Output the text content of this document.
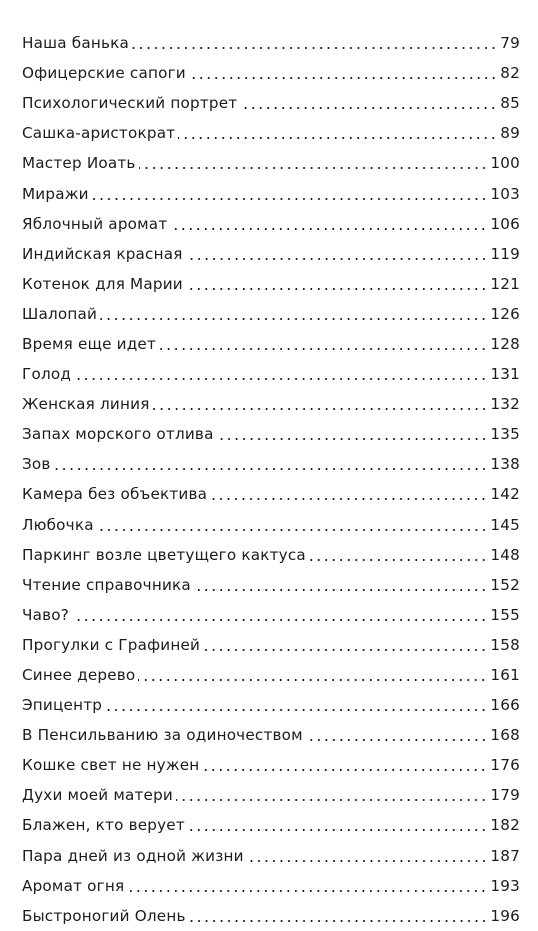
Наша банька	79
Офицерские сапоги	82
Психологический портрет	85
Сашка-аристократ	89
Мастер Иоать	100
Миражи	103
Яблочный аромат	106
Индийская красная	119
Котенок для Марии	121
Шалопай	126
Время еще идет	128
Голод	131
Женская линия	132
Запах морского отлива	135
Зов	138
Камера без объектива	142
Любочка	145
Паркинг возле цветущего кактуса	148
Чтение справочника	152
Чаво?	155
Прогулки с Графиней	158
Синее дерево	161
Эпицентр	166
В Пенсильванию за одиночеством	168
Кошке свет не нужен	176
Духи моей матери	179
Блажен, кто верует	182
Пара дней из одной жизни	187
Аромат огня	193
Быстроногий Олень	196
